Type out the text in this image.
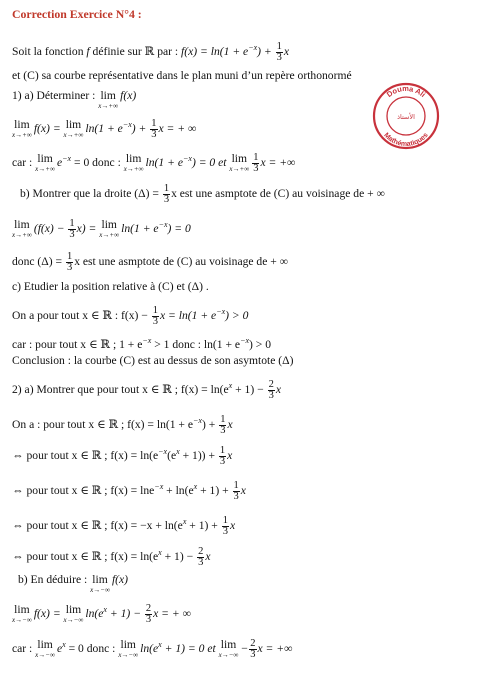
Correction Exercice N°4 :
Soit la fonction f définie sur ℝ par : $f(x) = \ln(1 + e^{-x}) + \frac{1}{3}$ x
et (C) sa courbe représentative dans le plan muni d’un repère orthonormé
1) a) Déterminer : lim
x→+∞
f(x)
lim
x→+∞
f(x) = lim
x→+∞
$\ln(1 + e^{-x}) + \frac{1}{3}$ x = + ∞
car : lim
x→+∞
$e^{-x} = 0$ donc : lim
x→+∞
$\ln(1 + e^{-x}) = 0$ et lim
$x\to+\infty \frac{1}{3}$ x = +∞
b) Montrer que la droite $(\Delta) = \frac{1}{3}$ x est une asmptote de (C) au voisinage de + ∞
lim
x→+∞
$(f(x) - \frac{1}{3} x) = \lim$
x→+∞
$\ln(1 + e^{-x}) = 0$
donc $(\Delta) = \frac{1}{3}$ x est une asmptote de (C) au voisinage de + ∞
c) Etudier la position relative à (C) et (Δ) .
On a pour tout x ∈ ℝ : $f(x) - \frac{1}{3}$ $x = \ln(1 + e^{-x}) > 0$
car : pour tout x ∈ ℝ ; $1 + e^{-x} > 1$ donc : $\ln(1 + e^{-x}) > 0$
Conclusion : la courbe (C) est au dessus de son asymtote (Δ)
2) a) Montrer que pour tout x ∈ ℝ ; $f(x) = \ln(e^x + 1) - \frac{2}{3}$ x
On a : pour tout x ∈ ℝ ; $f(x) = \ln(1 + e^{-x}) + \frac{1}{3}$ x
⇔ pour tout x ∈ ℝ ; $f(x) = \ln(e^{-x}(e^x + 1)) + \frac{1}{3}$ x
⇔ pour tout x ∈ ℝ ; $f(x) = \ln e^{-x} + \ln(e^x + 1) + \frac{1}{3}$ x
⇔ pour tout x ∈ ℝ ; $f(x) = -x + \ln(e^x + 1) + \frac{1}{3}$ x
⇔ pour tout x ∈ ℝ ; $f(x) = \ln(e^x + 1) - \frac{2}{3}$ x
b) En déduire : lim
x→−∞
f(x)
lim
x→−∞
f(x) = lim
x→−∞
$\ln(e^x + 1) - \frac{2}{3}$ x = + ∞
car : lim
x→−∞
$e^x = 0$ donc : lim
x→−∞
$\ln(e^x + 1) = 0$ et lim
x→−∞
− $\frac{2}{3}$ x = +∞
Douma Ali
Mathématiques
الأستاذ
